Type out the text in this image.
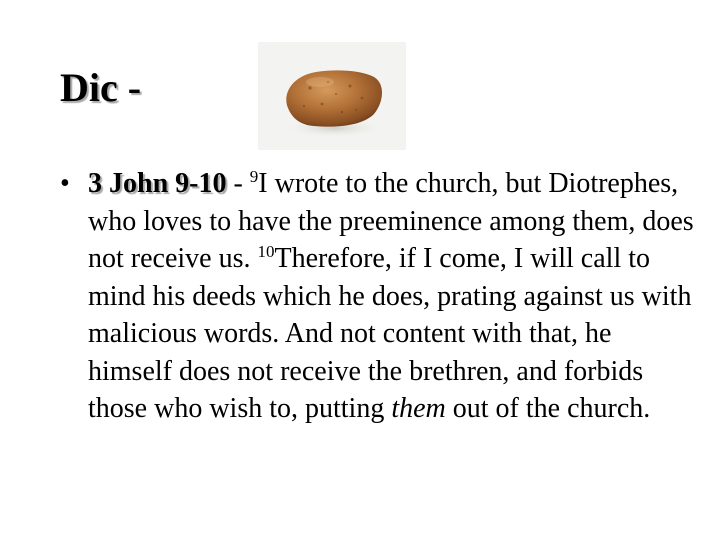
Dic -
• 3 John 9-10 - $^9$I wrote to the church, but Diotrephes, who loves to have the preeminence among them, does not receive us. $^{10}$Therefore, if I come, I will call to mind his deeds which he does, prating against us with malicious words. And not content with that, he himself does not receive the brethren, and forbids those who wish to, putting them out of the church.
